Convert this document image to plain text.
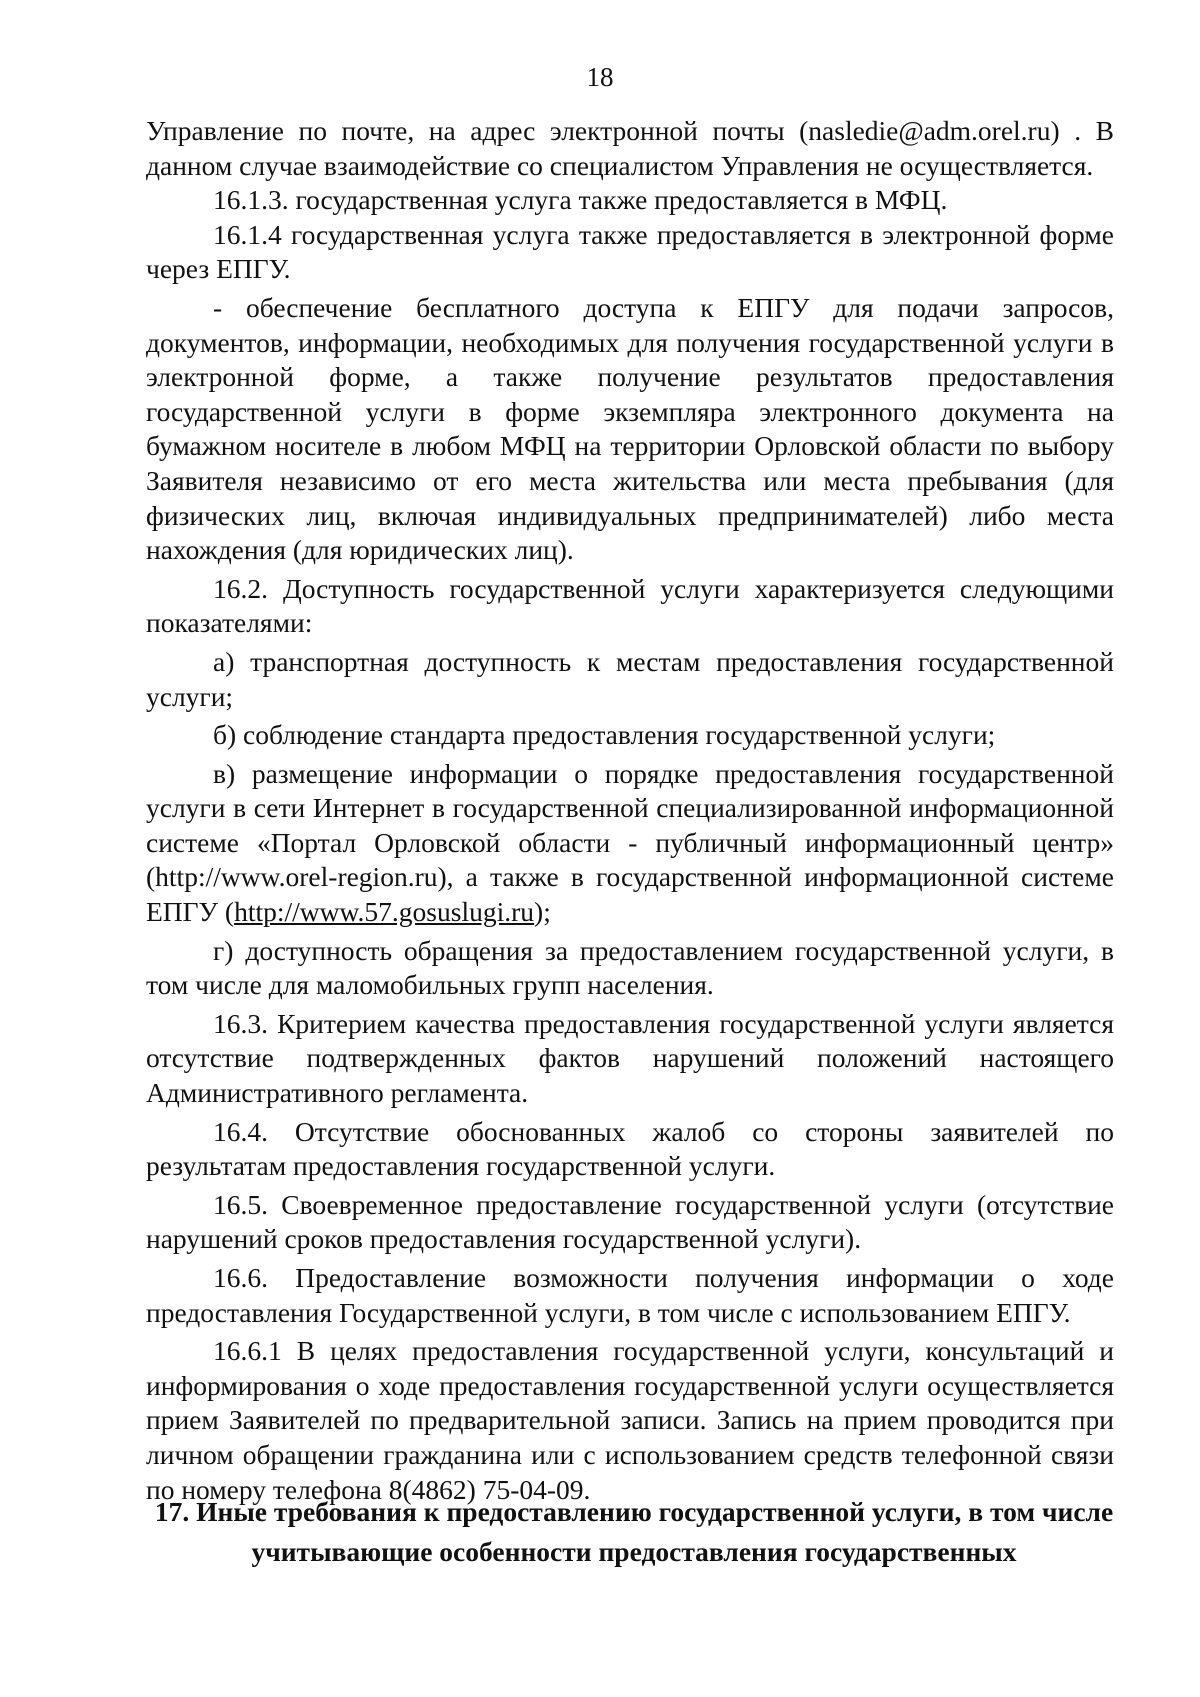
18

Управление по почте, на адрес электронной почты (nasledie@adm.orel.ru) . В данном случае взаимодействие со специалистом Управления не осуществляется.

16.1.3. государственная услуга также предоставляется в МФЦ.

16.1.4 государственная услуга также предоставляется в электронной форме через ЕПГУ.

- обеспечение бесплатного доступа к ЕПГУ для подачи запросов, документов, информации, необходимых для получения государственной услуги в электронной форме, а также получение результатов предоставления государственной услуги в форме экземпляра электронного документа на бумажном носителе в любом МФЦ на территории Орловской области по выбору Заявителя независимо от его места жительства или места пребывания (для физических лиц, включая индивидуальных предпринимателей) либо места нахождения (для юридических лиц).

16.2. Доступность государственной услуги характеризуется следующими показателями:

а) транспортная доступность к местам предоставления государственной услуги;

б) соблюдение стандарта предоставления государственной услуги;

в) размещение информации о порядке предоставления государственной услуги в сети Интернет в государственной специализированной информационной системе «Портал Орловской области - публичный информационный центр» (http://www.orel-region.ru), а также в государственной информационной системе ЕПГУ (http://www.57.gosuslugi.ru);

г) доступность обращения за предоставлением государственной услуги, в том числе для маломобильных групп населения.

16.3. Критерием качества предоставления государственной услуги является отсутствие подтвержденных фактов нарушений положений настоящего Административного регламента.

16.4. Отсутствие обоснованных жалоб со стороны заявителей по результатам предоставления государственной услуги.

16.5. Своевременное предоставление государственной услуги (отсутствие нарушений сроков предоставления государственной услуги).

16.6. Предоставление возможности получения информации о ходе предоставления Государственной услуги, в том числе с использованием ЕПГУ.

16.6.1 В целях предоставления государственной услуги, консультаций и информирования о ходе предоставления государственной услуги осуществляется прием Заявителей по предварительной записи. Запись на прием проводится при личном обращении гражданина или с использованием средств телефонной связи по номеру телефона 8(4862) 75-04-09.

17. Иные требования к предоставлению государственной услуги, в том числе учитывающие особенности предоставления государственных
